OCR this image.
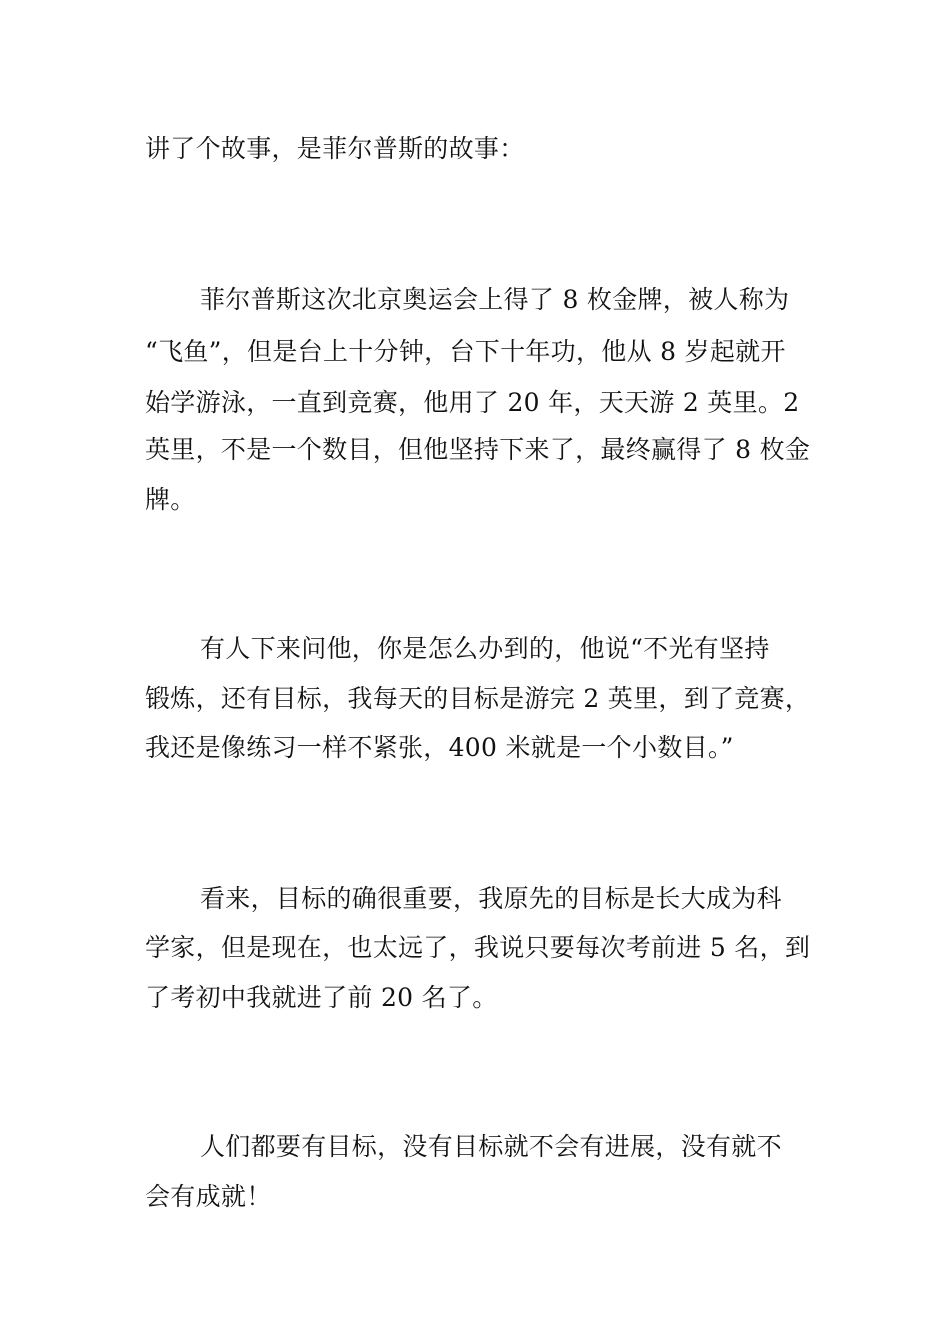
讲了个故事，是菲尔普斯的故事：
菲尔普斯这次北京奥运会上得了 8 枚金牌，被人称为
“飞鱼”，但是台上十分钟，台下十年功，他从 8 岁起就开
始学游泳，一直到竞赛，他用了 20 年，天天游 2 英里。2
英里，不是一个数目，但他坚持下来了，最终赢得了 8 枚金
牌。
有人下来问他，你是怎么办到的，他说“不光有坚持
锻炼，还有目标，我每天的目标是游完 2 英里，到了竞赛，
我还是像练习一样不紧张，400 米就是一个小数目。”
看来，目标的确很重要，我原先的目标是长大成为科
学家，但是现在，也太远了，我说只要每次考前进 5 名，到
了考初中我就进了前 20 名了。
人们都要有目标，没有目标就不会有进展，没有就不
会有成就！
